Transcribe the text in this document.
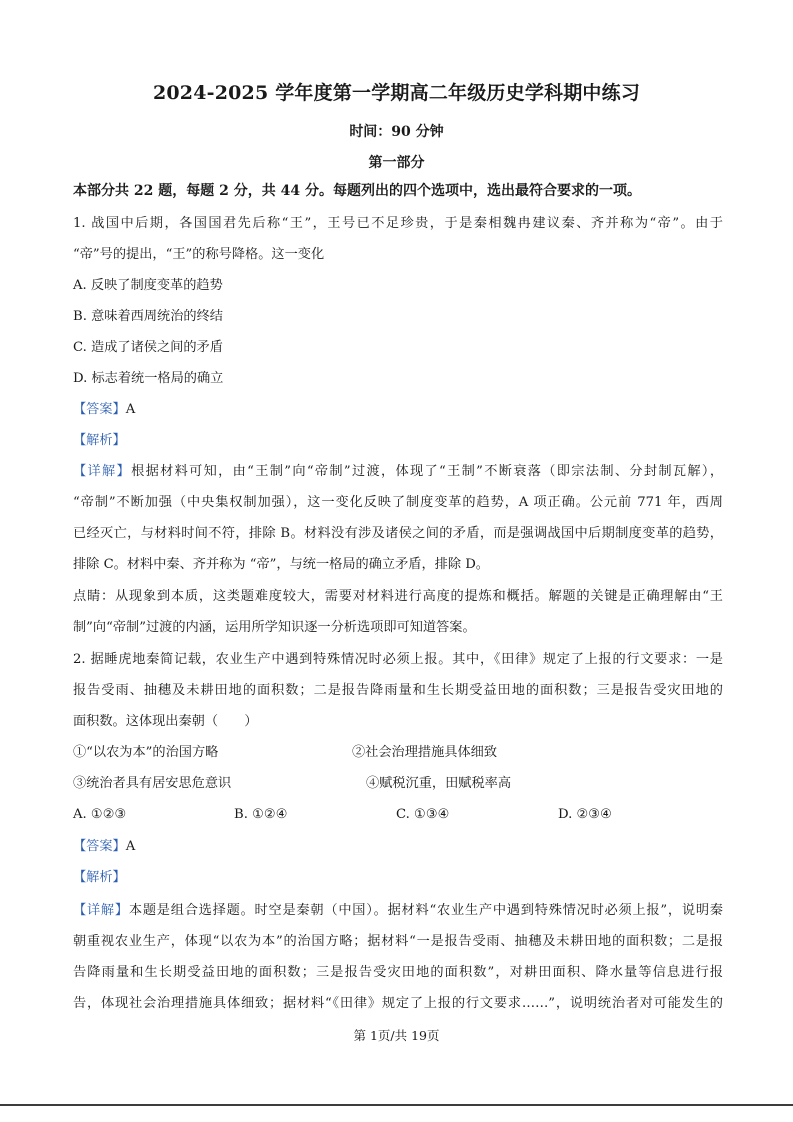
2024-2025 学年度第一学期高二年级历史学科期中练习
时间：90 分钟
第一部分
本部分共 22 题，每题 2 分，共 44 分。每题列出的四个选项中，选出最符合要求的一项。
1. 战国中后期，各国国君先后称“王”，王号已不足珍贵，于是秦相魏冉建议秦、齐并称为“帝”。由于
“帝”号的提出，“王”的称号降格。这一变化
A. 反映了制度变革的趋势
B. 意味着西周统治的终结
C. 造成了诸侯之间的矛盾
D. 标志着统一格局的确立
【答案】A
【解析】
【详解】根据材料可知，由“王制”向“帝制”过渡，体现了“王制”不断衰落（即宗法制、分封制瓦解），
“帝制”不断加强（中央集权制加强），这一变化反映了制度变革的趋势，A 项正确。公元前 771 年，西周
已经灭亡，与材料时间不符，排除 B。材料没有涉及诸侯之间的矛盾，而是强调战国中后期制度变革的趋势，
排除 C。材料中秦、齐并称为 “帝”，与统一格局的确立矛盾，排除 D。
点睛：从现象到本质，这类题难度较大，需要对材料进行高度的提炼和概括。解题的关键是正确理解由“王
制”向“帝制”过渡的内涵，运用所学知识逐一分析选项即可知道答案。
2. 据睡虎地秦简记载，农业生产中遇到特殊情况时必须上报。其中，《田律》规定了上报的行文要求：一是
报告受雨、抽穗及未耕田地的面积数；二是报告降雨量和生长期受益田地的面积数；三是报告受灾田地的
面积数。这体现出秦朝（　　）
①“以农为本”的治国方略	②社会治理措施具体细致
③统治者具有居安思危意识	④赋税沉重，田赋税率高
A. ①②③	B. ①②④	C. ①③④	D. ②③④
【答案】A
【解析】
【详解】本题是组合选择题。时空是秦朝（中国）。据材料“农业生产中遇到特殊情况时必须上报”，说明秦
朝重视农业生产，体现“以农为本”的治国方略；据材料“一是报告受雨、抽穗及未耕田地的面积数；二是报
告降雨量和生长期受益田地的面积数；三是报告受灾田地的面积数”，对耕田面积、降水量等信息进行报
告，体现社会治理措施具体细致；据材料“《田律》规定了上报的行文要求……”，说明统治者对可能发生的
第 1页/共 19页
